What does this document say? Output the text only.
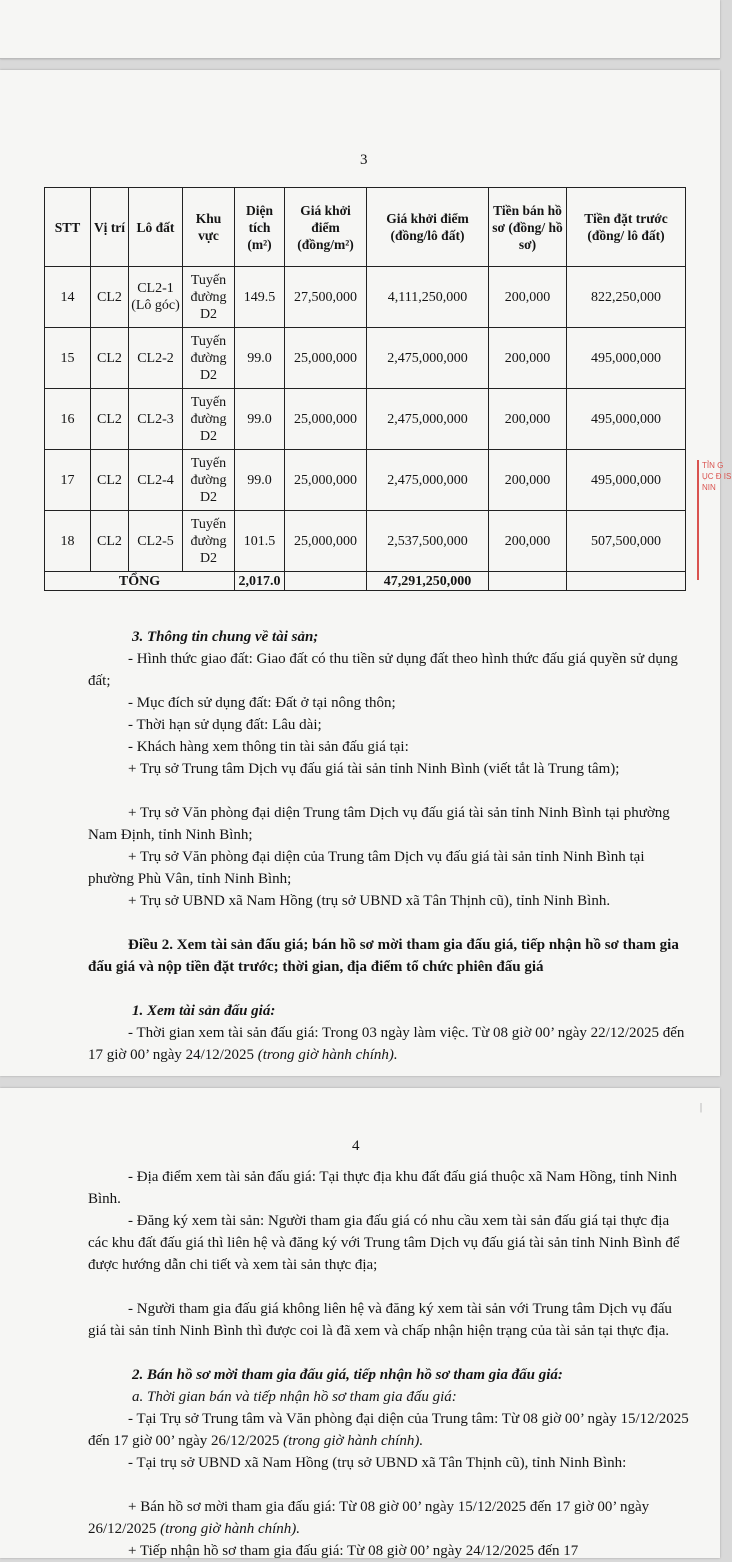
3
STT	Vị trí	Lô đất	Khu vực	Diện tích (m²)	Giá khởi điểm (đồng/m²)	Giá khởi điểm (đồng/lô đất)	Tiền bán hồ sơ (đồng/ hồ sơ)	Tiền đặt trước (đồng/ lô đất)
14	CL2	CL2-1 (Lô góc)	Tuyến đường D2	149.5	27,500,000	4,111,250,000	200,000	822,250,000
15	CL2	CL2-2	Tuyến đường D2	99.0	25,000,000	2,475,000,000	200,000	495,000,000
16	CL2	CL2-3	Tuyến đường D2	99.0	25,000,000	2,475,000,000	200,000	495,000,000
17	CL2	CL2-4	Tuyến đường D2	99.0	25,000,000	2,475,000,000	200,000	495,000,000
18	CL2	CL2-5	Tuyến đường D2	101.5	25,000,000	2,537,500,000	200,000	507,500,000
TỔNG				2,017.0		47,291,250,000		
TỈN G ỤC Đ IS NIN
3. Thông tin chung về tài sản;
- Hình thức giao đất: Giao đất có thu tiền sử dụng đất theo hình thức đấu giá quyền sử dụng đất;
- Mục đích sử dụng đất: Đất ở tại nông thôn;
- Thời hạn sử dụng đất: Lâu dài;
- Khách hàng xem thông tin tài sản đấu giá tại:
+ Trụ sở Trung tâm Dịch vụ đấu giá tài sản tỉnh Ninh Bình (viết tắt là Trung tâm);
+ Trụ sở Văn phòng đại diện Trung tâm Dịch vụ đấu giá tài sản tỉnh Ninh Bình tại phường Nam Định, tỉnh Ninh Bình;
+ Trụ sở Văn phòng đại diện của Trung tâm Dịch vụ đấu giá tài sản tỉnh Ninh Bình tại phường Phù Vân, tỉnh Ninh Bình;
+ Trụ sở UBND xã Nam Hồng (trụ sở UBND xã Tân Thịnh cũ), tỉnh Ninh Bình.
Điều 2. Xem tài sản đấu giá; bán hồ sơ mời tham gia đấu giá, tiếp nhận hồ sơ tham gia đấu giá và nộp tiền đặt trước; thời gian, địa điểm tổ chức phiên đấu giá
1. Xem tài sản đấu giá:
- Thời gian xem tài sản đấu giá: Trong 03 ngày làm việc. Từ 08 giờ 00’ ngày 22/12/2025 đến 17 giờ 00’ ngày 24/12/2025 (trong giờ hành chính).
4
|
- Địa điểm xem tài sản đấu giá: Tại thực địa khu đất đấu giá thuộc xã Nam Hồng, tỉnh Ninh Bình.
- Đăng ký xem tài sản: Người tham gia đấu giá có nhu cầu xem tài sản đấu giá tại thực địa các khu đất đấu giá thì liên hệ và đăng ký với Trung tâm Dịch vụ đấu giá tài sản tỉnh Ninh Bình để được hướng dẫn chi tiết và xem tài sản thực địa;
- Người tham gia đấu giá không liên hệ và đăng ký xem tài sản với Trung tâm Dịch vụ đấu giá tài sản tỉnh Ninh Bình thì được coi là đã xem và chấp nhận hiện trạng của tài sản tại thực địa.
2. Bán hồ sơ mời tham gia đấu giá, tiếp nhận hồ sơ tham gia đấu giá:
a. Thời gian bán và tiếp nhận hồ sơ tham gia đấu giá:
- Tại Trụ sở Trung tâm và Văn phòng đại diện của Trung tâm: Từ 08 giờ 00’ ngày 15/12/2025 đến 17 giờ 00’ ngày 26/12/2025 (trong giờ hành chính).
- Tại trụ sở UBND xã Nam Hồng (trụ sở UBND xã Tân Thịnh cũ), tỉnh Ninh Bình:
+ Bán hồ sơ mời tham gia đấu giá: Từ 08 giờ 00’ ngày 15/12/2025 đến 17 giờ 00’ ngày 26/12/2025 (trong giờ hành chính).
+ Tiếp nhận hồ sơ tham gia đấu giá: Từ 08 giờ 00’ ngày 24/12/2025 đến 17
